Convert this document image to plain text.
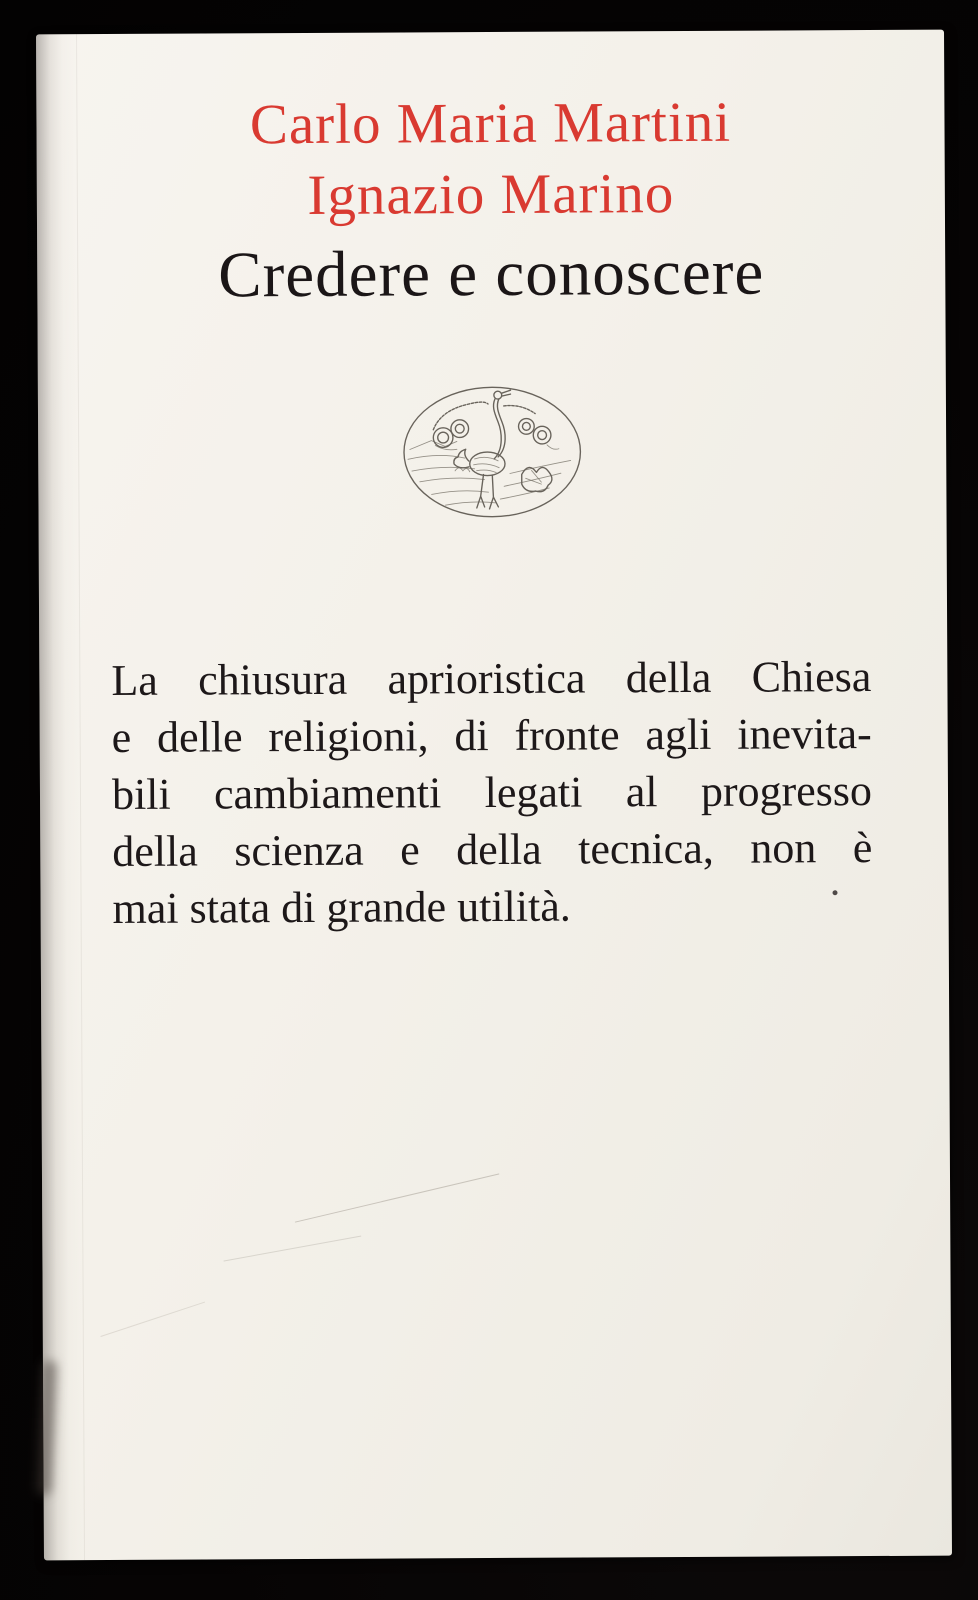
Carlo Maria Martini
Ignazio Marino
Credere e conoscere
La chiusura aprioristica della Chiesa
e delle religioni, di fronte agli inevita-
bili cambiamenti legati al progresso
della scienza e della tecnica, non è
mai stata di grande utilità.
